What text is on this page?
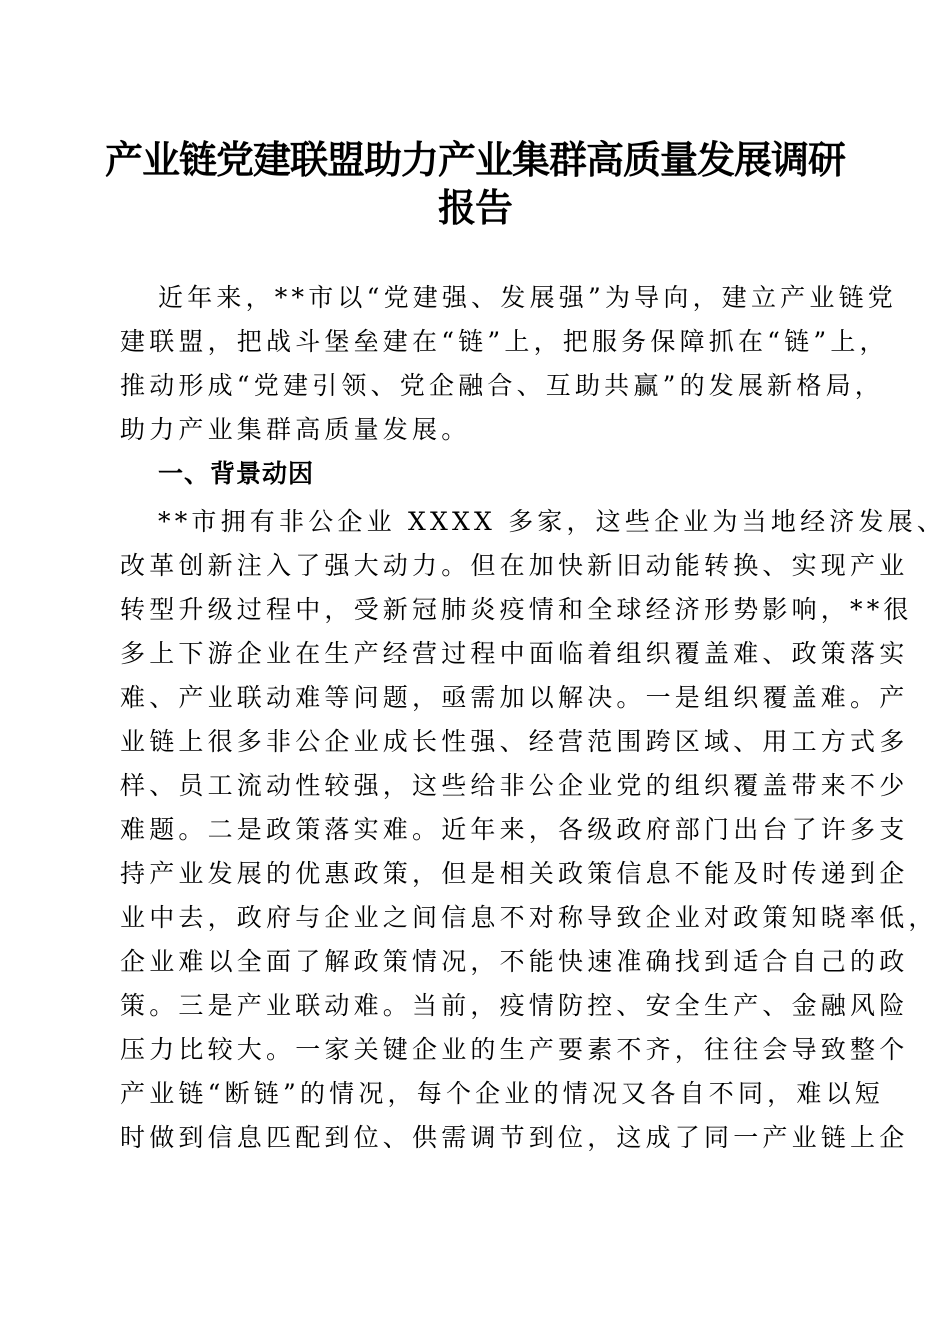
产业链党建联盟助力产业集群高质量发展调研
报告
近年来，**市以“党建强、发展强”为导向，建立产业链党
建联盟，把战斗堡垒建在“链”上，把服务保障抓在“链”上，
推动形成“党建引领、党企融合、互助共赢”的发展新格局，
助力产业集群高质量发展。
一、背景动因
**市拥有非公企业 XXXX 多家，这些企业为当地经济发展、
改革创新注入了强大动力。但在加快新旧动能转换、实现产业
转型升级过程中，受新冠肺炎疫情和全球经济形势影响，**很
多上下游企业在生产经营过程中面临着组织覆盖难、政策落实
难、产业联动难等问题，亟需加以解决。一是组织覆盖难。产
业链上很多非公企业成长性强、经营范围跨区域、用工方式多
样、员工流动性较强，这些给非公企业党的组织覆盖带来不少
难题。二是政策落实难。近年来，各级政府部门出台了许多支
持产业发展的优惠政策，但是相关政策信息不能及时传递到企
业中去，政府与企业之间信息不对称导致企业对政策知晓率低，
企业难以全面了解政策情况，不能快速准确找到适合自己的政
策。三是产业联动难。当前，疫情防控、安全生产、金融风险
压力比较大。一家关键企业的生产要素不齐，往往会导致整个
产业链“断链”的情况，每个企业的情况又各自不同，难以短
时做到信息匹配到位、供需调节到位，这成了同一产业链上企
